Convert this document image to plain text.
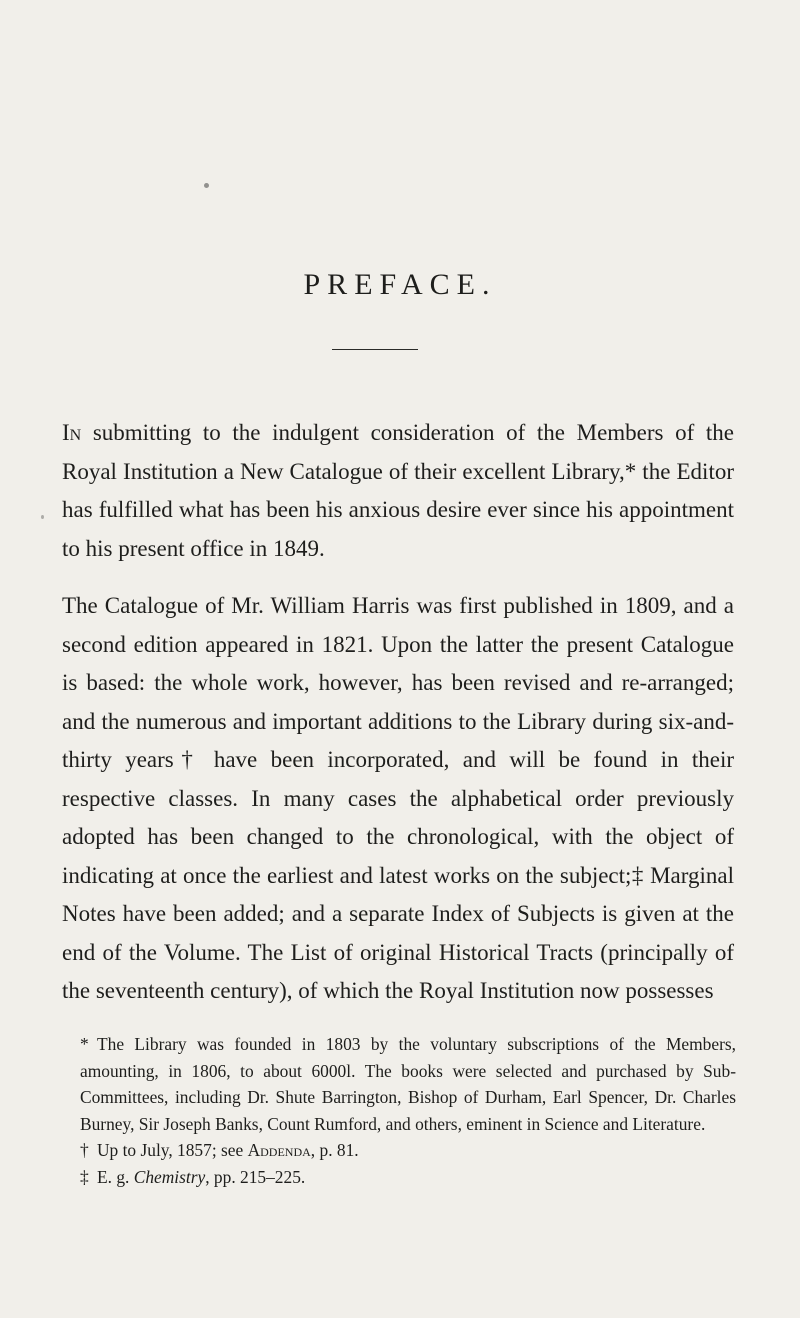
PREFACE.

In submitting to the indulgent consideration of the Members of the Royal Institution a New Catalogue of their excellent Library,* the Editor has fulfilled what has been his anxious desire ever since his appointment to his present office in 1849.

The Catalogue of Mr. William Harris was first published in 1809, and a second edition appeared in 1821. Upon the latter the present Catalogue is based: the whole work, however, has been revised and re-arranged; and the numerous and important additions to the Library during six-and-thirty years† have been incorporated, and will be found in their respective classes. In many cases the alphabetical order previously adopted has been changed to the chronological, with the object of indicating at once the earliest and latest works on the subject;‡ Marginal Notes have been added; and a separate Index of Subjects is given at the end of the Volume. The List of original Historical Tracts (principally of the seventeenth century), of which the Royal Institution now possesses

* The Library was founded in 1803 by the voluntary subscriptions of the Members, amounting, in 1806, to about 6000l. The books were selected and purchased by Sub-Committees, including Dr. Shute Barrington, Bishop of Durham, Earl Spencer, Dr. Charles Burney, Sir Joseph Banks, Count Rumford, and others, eminent in Science and Literature.

† Up to July, 1857; see Addenda, p. 81.

‡ E. g. Chemistry, pp. 215–225.
